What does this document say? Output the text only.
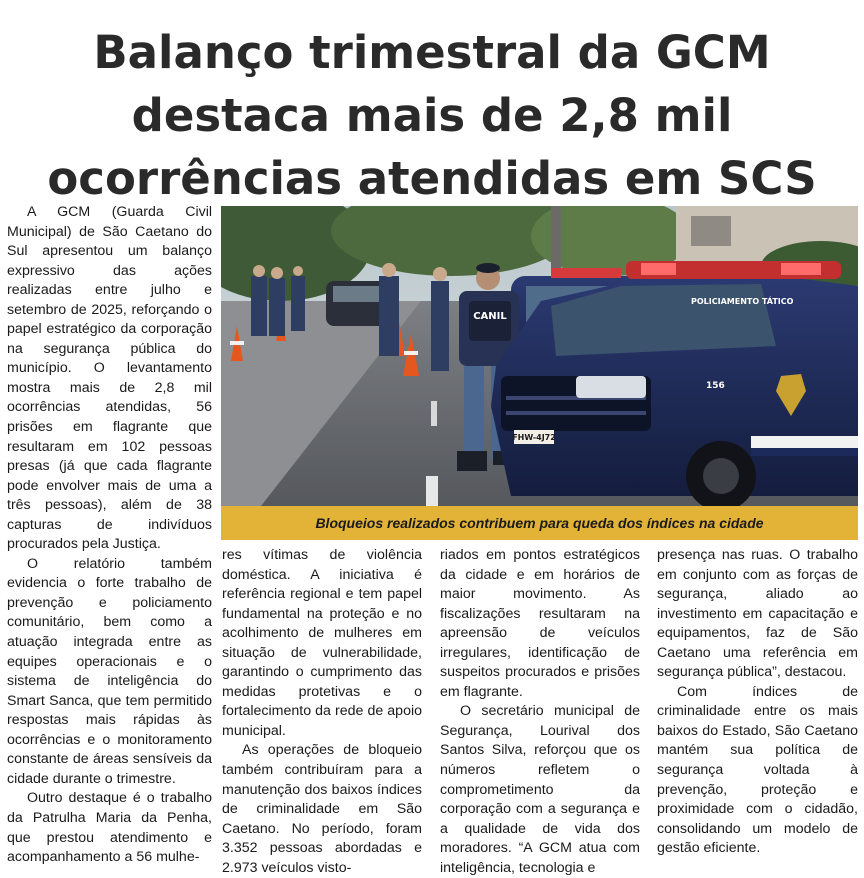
Balanço trimestral da GCM
destaca mais de 2,8 mil
ocorrências atendidas em SCS

A GCM (Guarda Civil Municipal) de São Caetano do Sul apresentou um balanço expressivo das ações realizadas entre julho e setembro de 2025, reforçando o papel estratégico da corporação na segurança pública do município. O levantamento mostra mais de 2,8 mil ocorrências atendidas, 56 prisões em flagrante que resultaram em 102 pessoas presas (já que cada flagrante pode envolver mais de uma a três pessoas), além de 38 capturas de indivíduos procurados pela Justiça.

O relatório também evidencia o forte trabalho de prevenção e policiamento comunitário, bem como a atuação integrada entre as equipes operacionais e o sistema de inteligência do Smart Sanca, que tem permitido respostas mais rápidas às ocorrências e o monitoramento constante de áreas sensíveis da cidade durante o trimestre.

Outro destaque é o trabalho da Patrulha Maria da Penha, que prestou atendimento e acompanhamento a 56 mulhe-

CANIL
POLICIAMENTO TÁTICO
FHW-4J72
156
Bloqueios realizados contribuem para queda dos índices na cidade

res vítimas de violência doméstica. A iniciativa é referência regional e tem papel fundamental na proteção e no acolhimento de mulheres em situação de vulnerabilidade, garantindo o cumprimento das medidas protetivas e o fortalecimento da rede de apoio municipal.

As operações de bloqueio também contribuíram para a manutenção dos baixos índices de criminalidade em São Caetano. No período, foram 3.352 pessoas abordadas e 2.973 veículos visto-

riados em pontos estratégicos da cidade e em horários de maior movimento. As fiscalizações resultaram na apreensão de veículos irregulares, identificação de suspeitos procurados e prisões em flagrante.

O secretário municipal de Segurança, Lourival dos Santos Silva, reforçou que os números refletem o comprometimento da corporação com a segurança e a qualidade de vida dos moradores. “A GCM atua com inteligência, tecnologia e

presença nas ruas. O trabalho em conjunto com as forças de segurança, aliado ao investimento em capacitação e equipamentos, faz de São Caetano uma referência em segurança pública”, destacou.

Com índices de criminalidade entre os mais baixos do Estado, São Caetano mantém sua política de segurança voltada à prevenção, proteção e proximidade com o cidadão, consolidando um modelo de gestão eficiente.
